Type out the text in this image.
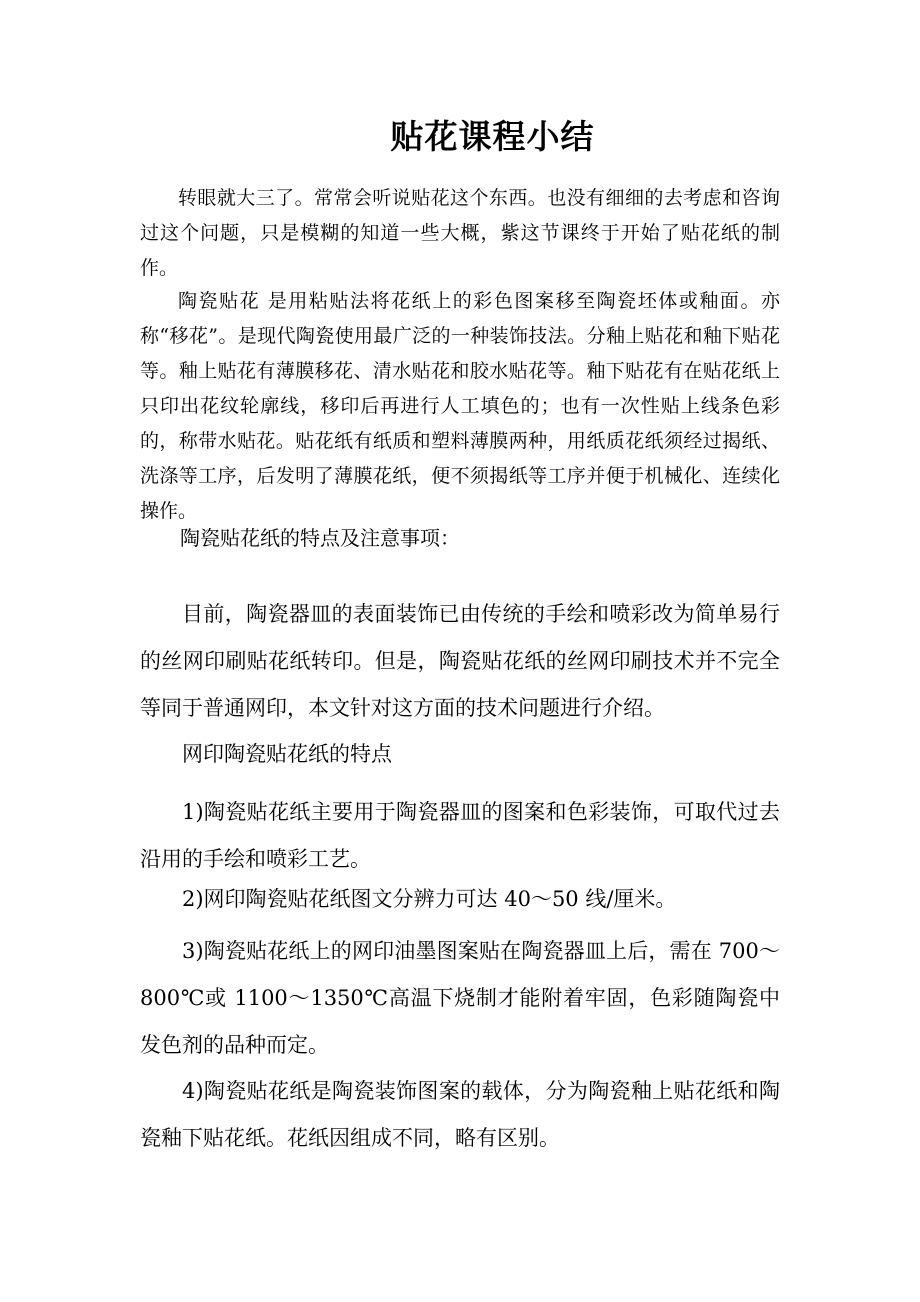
贴花课程小结

转眼就大三了。常常会听说贴花这个东西。也没有细细的去考虑和咨询过这个问题，只是模糊的知道一些大概，紫这节课终于开始了贴花纸的制作。

陶瓷贴花 是用粘贴法将花纸上的彩色图案移至陶瓷坯体或釉面。亦称“移花”。是现代陶瓷使用最广泛的一种装饰技法。分釉上贴花和釉下贴花等。釉上贴花有薄膜移花、清水贴花和胶水贴花等。釉下贴花有在贴花纸上只印出花纹轮廓线，移印后再进行人工填色的；也有一次性贴上线条色彩的，称带水贴花。贴花纸有纸质和塑料薄膜两种，用纸质花纸须经过揭纸、洗涤等工序，后发明了薄膜花纸，便不须揭纸等工序并便于机械化、连续化操作。

陶瓷贴花纸的特点及注意事项：

目前，陶瓷器皿的表面装饰已由传统的手绘和喷彩改为简单易行的丝网印刷贴花纸转印。但是，陶瓷贴花纸的丝网印刷技术并不完全等同于普通网印，本文针对这方面的技术问题进行介绍。

网印陶瓷贴花纸的特点

1)陶瓷贴花纸主要用于陶瓷器皿的图案和色彩装饰，可取代过去沿用的手绘和喷彩工艺。

2)网印陶瓷贴花纸图文分辨力可达 40～50 线/厘米。

3)陶瓷贴花纸上的网印油墨图案贴在陶瓷器皿上后，需在 700～800℃或 1100～1350℃高温下烧制才能附着牢固，色彩随陶瓷中发色剂的品种而定。

4)陶瓷贴花纸是陶瓷装饰图案的载体，分为陶瓷釉上贴花纸和陶瓷釉下贴花纸。花纸因组成不同，略有区别。
